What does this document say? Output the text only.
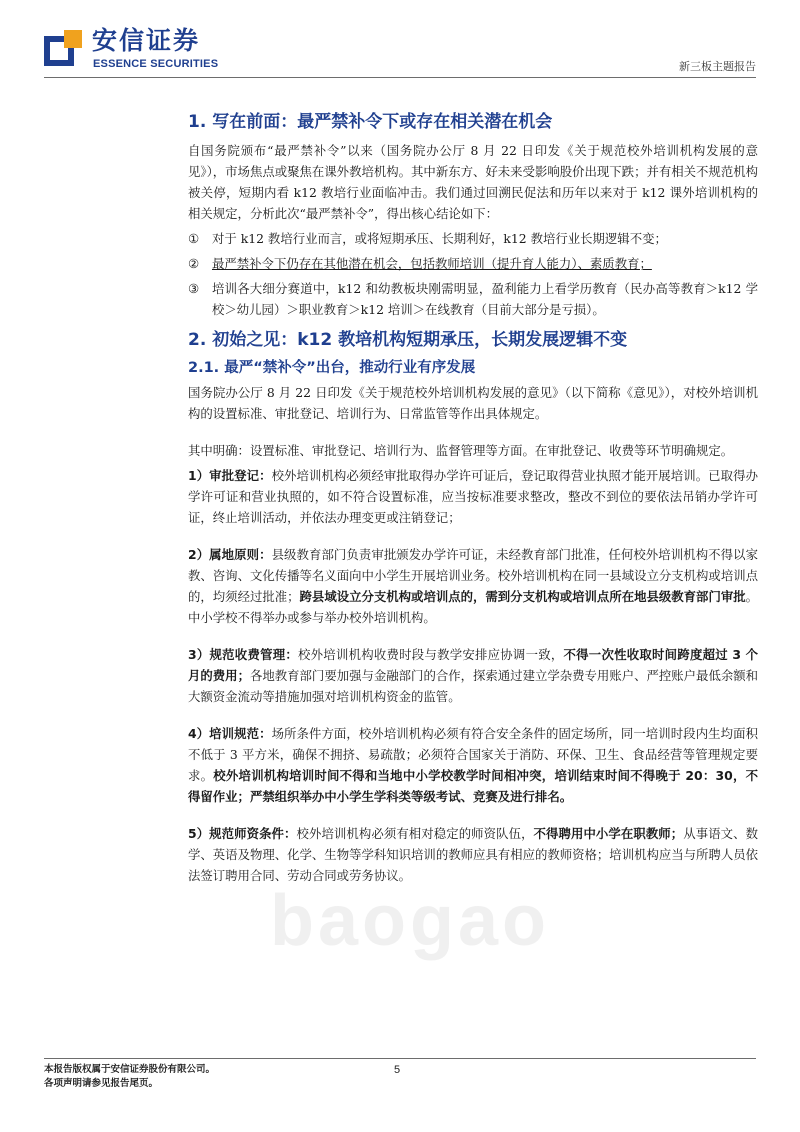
安信证券
ESSENCE SECURITIES	新三板主题报告
1. 写在前面：最严禁补令下或存在相关潜在机会
自国务院颁布“最严禁补令”以来（国务院办公厅 8 月 22 日印发《关于规范校外培训机构发展的意见》），市场焦点或聚焦在课外教培机构。其中新东方、好未来受影响股价出现下跌；并有相关不规范机构被关停，短期内看 k12 教培行业面临冲击。我们通过回溯民促法和历年以来对于 k12 课外培训机构的相关规定，分析此次“最严禁补令”，得出核心结论如下：
① 对于 k12 教培行业而言，或将短期承压、长期利好，k12 教培行业长期逻辑不变；
② 最严禁补令下仍存在其他潜在机会，包括教师培训（提升育人能力）、素质教育；
③ 培训各大细分赛道中，k12 和幼教板块刚需明显，盈利能力上看学历教育（民办高等教育＞k12 学校＞幼儿园）＞职业教育＞k12 培训＞在线教育（目前大部分是亏损）。
2. 初始之见：k12 教培机构短期承压，长期发展逻辑不变
2.1. 最严“禁补令”出台，推动行业有序发展
国务院办公厅 8 月 22 日印发《关于规范校外培训机构发展的意见》（以下简称《意见》），对校外培训机构的设置标准、审批登记、培训行为、日常监管等作出具体规定。
其中明确：设置标准、审批登记、培训行为、监督管理等方面。在审批登记、收费等环节明确规定。
1）审批登记：校外培训机构必须经审批取得办学许可证后，登记取得营业执照才能开展培训。已取得办学许可证和营业执照的，如不符合设置标准，应当按标准要求整改，整改不到位的要依法吊销办学许可证，终止培训活动，并依法办理变更或注销登记；
2）属地原则：县级教育部门负责审批颁发办学许可证，未经教育部门批准，任何校外培训机构不得以家教、咨询、文化传播等名义面向中小学生开展培训业务。校外培训机构在同一县域设立分支机构或培训点的，均须经过批准；跨县域设立分支机构或培训点的，需到分支机构或培训点所在地县级教育部门审批。中小学校不得举办或参与举办校外培训机构。
3）规范收费管理：校外培训机构收费时段与教学安排应协调一致，不得一次性收取时间跨度超过 3 个月的费用；各地教育部门要加强与金融部门的合作，探索通过建立学杂费专用账户、严控账户最低余额和大额资金流动等措施加强对培训机构资金的监管。
4）培训规范：场所条件方面，校外培训机构必须有符合安全条件的固定场所，同一培训时段内生均面积不低于 3 平方米，确保不拥挤、易疏散；必须符合国家关于消防、环保、卫生、食品经营等管理规定要求。校外培训机构培训时间不得和当地中小学校教学时间相冲突，培训结束时间不得晚于 20：30，不得留作业；严禁组织举办中小学生学科类等级考试、竞赛及进行排名。
5）规范师资条件：校外培训机构必须有相对稳定的师资队伍，不得聘用中小学在职教师；从事语文、数学、英语及物理、化学、生物等学科知识培训的教师应具有相应的教师资格；培训机构应当与所聘人员依法签订聘用合同、劳动合同或劳务协议。
baogao
本报告版权属于安信证券股份有限公司。
各项声明请参见报告尾页。
5
